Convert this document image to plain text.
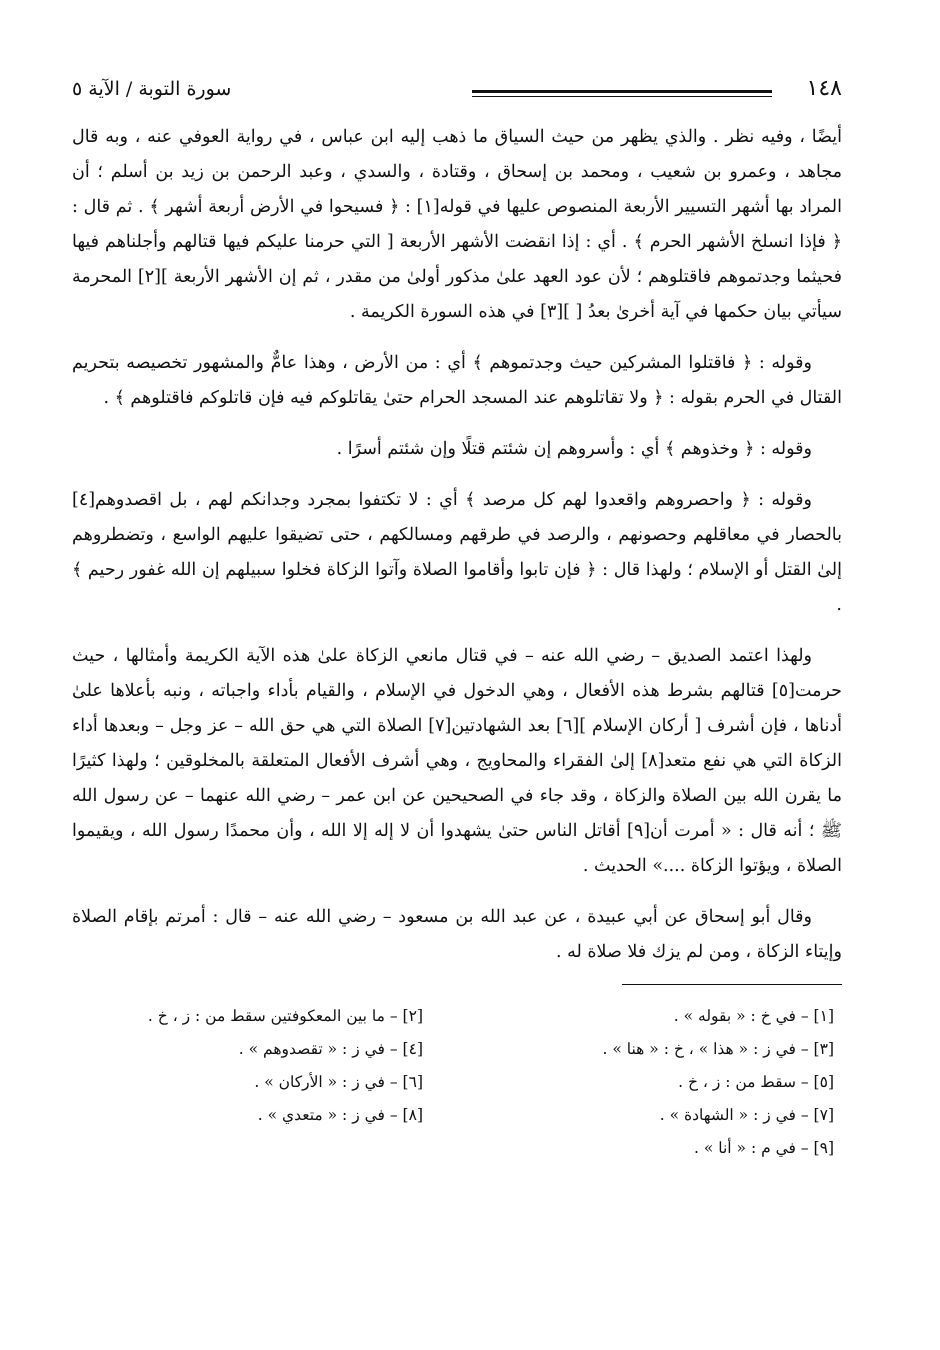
١٤٨
سورة التوبة / الآية ٥

أيضًا ، وفيه نظر . والذي يظهر من حيث السياق ما ذهب إليه ابن عباس ، في رواية العوفي عنه ، وبه قال مجاهد ، وعمرو بن شعيب ، ومحمد بن إسحاق ، وقتادة ، والسدي ، وعبد الرحمن بن زيد بن أسلم ؛ أن المراد بها أشهر التسيير الأربعة المنصوص عليها في قوله[١] : ﴿ فسيحوا في الأرض أربعة أشهر ﴾ . ثم قال : ﴿ فإذا انسلخ الأشهر الحرم ﴾ . أي : إذا انقضت الأشهر الأربعة [ التي حرمنا عليكم فيها قتالهم وأجلناهم فيها فحيثما وجدتموهم فاقتلوهم ؛ لأن عود العهد علىٰ مذكور أولىٰ من مقدر ، ثم إن الأشهر الأربعة ][٢] المحرمة سيأتي بيان حكمها في آية أخرىٰ بعدُ [ ][٣] في هذه السورة الكريمة .

وقوله : ﴿ فاقتلوا المشركين حيث وجدتموهم ﴾ أي : من الأرض ، وهذا عامٌّ والمشهور تخصيصه بتحريم القتال في الحرم بقوله : ﴿ ولا تقاتلوهم عند المسجد الحرام حتىٰ يقاتلوكم فيه فإن قاتلوكم فاقتلوهم ﴾ .

وقوله : ﴿ وخذوهم ﴾ أي : وأسروهم إن شئتم قتلًا وإن شئتم أسرًا .

وقوله : ﴿ واحصروهم واقعدوا لهم كل مرصد ﴾ أي : لا تكتفوا بمجرد وجدانكم لهم ، بل اقصدوهم[٤] بالحصار في معاقلهم وحصونهم ، والرصد في طرقهم ومسالكهم ، حتى تضيقوا عليهم الواسع ، وتضطروهم إلىٰ القتل أو الإسلام ؛ ولهذا قال : ﴿ فإن تابوا وأقاموا الصلاة وآتوا الزكاة فخلوا سبيلهم إن الله غفور رحيم ﴾ .

ولهذا اعتمد الصديق – رضي الله عنه – في قتال مانعي الزكاة علىٰ هذه الآية الكريمة وأمثالها ، حيث حرمت[٥] قتالهم بشرط هذه الأفعال ، وهي الدخول في الإسلام ، والقيام بأداء واجباته ، ونبه بأعلاها علىٰ أدناها ، فإن أشرف [ أركان الإسلام ][٦] بعد الشهادتين[٧] الصلاة التي هي حق الله – عز وجل – وبعدها أداء الزكاة التي هي نفع متعد[٨] إلىٰ الفقراء والمحاويج ، وهي أشرف الأفعال المتعلقة بالمخلوقين ؛ ولهذا كثيرًا ما يقرن الله بين الصلاة والزكاة ، وقد جاء في الصحيحين عن ابن عمر – رضي الله عنهما – عن رسول الله ﷺ ؛ أنه قال : « أمرت أن[٩] أقاتل الناس حتىٰ يشهدوا أن لا إله إلا الله ، وأن محمدًا رسول الله ، ويقيموا الصلاة ، ويؤتوا الزكاة ....» الحديث .

وقال أبو إسحاق عن أبي عبيدة ، عن عبد الله بن مسعود – رضي الله عنه – قال : أمرتم بإقام الصلاة وإيتاء الزكاة ، ومن لم يزك فلا صلاة له .

[١] – في خ : « بقوله » .
[٢] – ما بين المعكوفتين سقط من : ز ، خ .
[٣] – في ز : « هذا » ، خ : « هنا » .
[٤] – في ز : « تقصدوهم » .
[٥] – سقط من : ز ، خ .
[٦] – في ز : « الأركان » .
[٧] – في ز : « الشهادة » .
[٨] – في ز : « متعدي » .
[٩] – في م : « أنا » .
